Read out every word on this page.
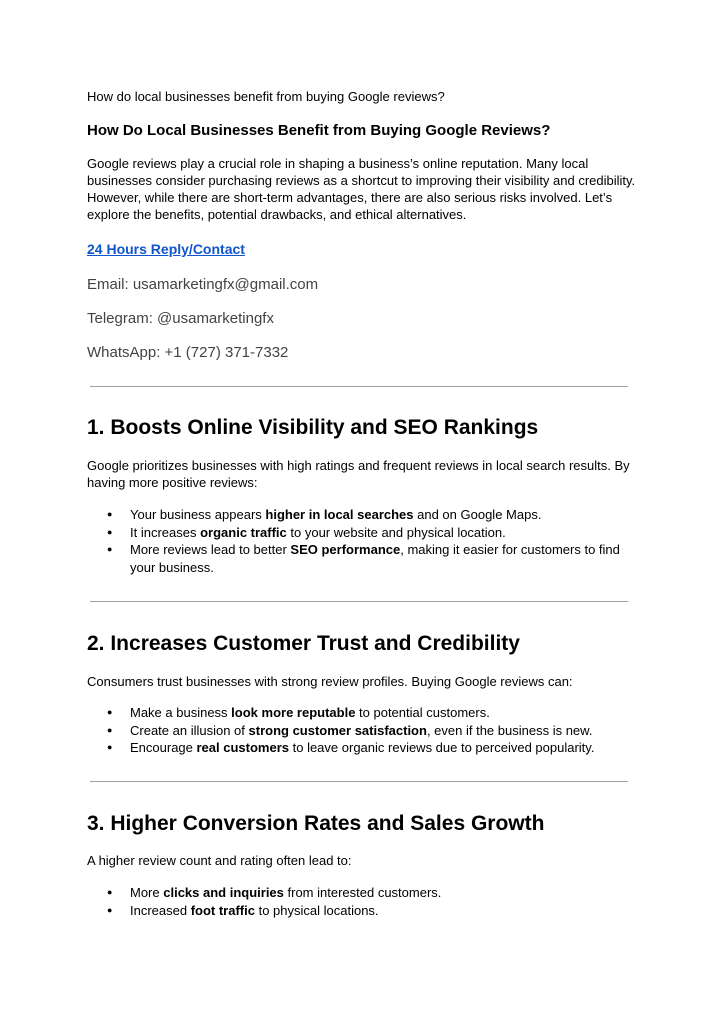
How do local businesses benefit from buying Google reviews?

How Do Local Businesses Benefit from Buying Google Reviews?

Google reviews play a crucial role in shaping a business’s online reputation. Many local businesses consider purchasing reviews as a shortcut to improving their visibility and credibility. However, while there are short-term advantages, there are also serious risks involved. Let’s explore the benefits, potential drawbacks, and ethical alternatives.

24 Hours Reply/Contact

Email: usamarketingfx@gmail.com

Telegram: @usamarketingfx

WhatsApp: +1 (727) 371-7332

1. Boosts Online Visibility and SEO Rankings

Google prioritizes businesses with high ratings and frequent reviews in local search results. By having more positive reviews:

● Your business appears higher in local searches and on Google Maps.
● It increases organic traffic to your website and physical location.
● More reviews lead to better SEO performance, making it easier for customers to find your business.
2. Increases Customer Trust and Credibility

Consumers trust businesses with strong review profiles. Buying Google reviews can:

● Make a business look more reputable to potential customers.
● Create an illusion of strong customer satisfaction, even if the business is new.
● Encourage real customers to leave organic reviews due to perceived popularity.
3. Higher Conversion Rates and Sales Growth

A higher review count and rating often lead to:

● More clicks and inquiries from interested customers.
● Increased foot traffic to physical locations.
